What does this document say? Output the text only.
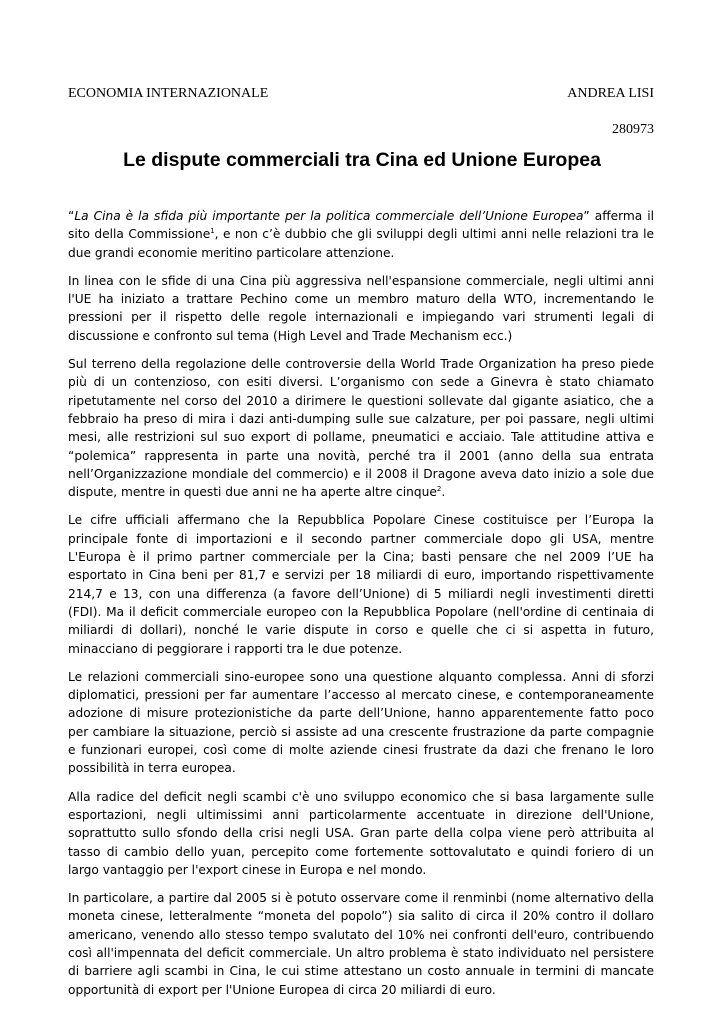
ECONOMIA INTERNAZIONALE	ANDREA LISI
280973
Le dispute commerciali tra Cina ed Unione Europea

“La Cina è la sfida più importante per la politica commerciale dell’Unione Europea” afferma il sito della Commissione$^1$, e non c’è dubbio che gli sviluppi degli ultimi anni nelle relazioni tra le due grandi economie meritino particolare attenzione.

In linea con le sfide di una Cina più aggressiva nell'espansione commerciale, negli ultimi anni l'UE ha iniziato a trattare Pechino come un membro maturo della WTO, incrementando le pressioni per il rispetto delle regole internazionali e impiegando vari strumenti legali di discussione e confronto sul tema (High Level and Trade Mechanism ecc.)

Sul terreno della regolazione delle controversie della World Trade Organization ha preso piede più di un contenzioso, con esiti diversi. L’organismo con sede a Ginevra è stato chiamato ripetutamente nel corso del 2010 a dirimere le questioni sollevate dal gigante asiatico, che a febbraio ha preso di mira i dazi anti-dumping sulle sue calzature, per poi passare, negli ultimi mesi, alle restrizioni sul suo export di pollame, pneumatici e acciaio. Tale attitudine attiva e “polemica” rappresenta in parte una novità, perché tra il 2001 (anno della sua entrata nell’Organizzazione mondiale del commercio) e il 2008 il Dragone aveva dato inizio a sole due dispute, mentre in questi due anni ne ha aperte altre cinque$^2$.

Le cifre ufficiali affermano che la Repubblica Popolare Cinese costituisce per l’Europa la principale fonte di importazioni e il secondo partner commerciale dopo gli USA, mentre L'Europa è il primo partner commerciale per la Cina; basti pensare che nel 2009 l’UE ha esportato in Cina beni per 81,7 e servizi per 18 miliardi di euro, importando rispettivamente 214,7 e 13, con una differenza (a favore dell’Unione) di 5 miliardi negli investimenti diretti (FDI). Ma il deficit commerciale europeo con la Repubblica Popolare (nell'ordine di centinaia di miliardi di dollari), nonché le varie dispute in corso e quelle che ci si aspetta in futuro, minacciano di peggiorare i rapporti tra le due potenze.

Le relazioni commerciali sino-europee sono una questione alquanto complessa. Anni di sforzi diplomatici, pressioni per far aumentare l’accesso al mercato cinese, e contemporaneamente adozione di misure protezionistiche da parte dell’Unione, hanno apparentemente fatto poco per cambiare la situazione, perciò si assiste ad una crescente frustrazione da parte compagnie e funzionari europei, così come di molte aziende cinesi frustrate da dazi che frenano le loro possibilità in terra europea.

Alla radice del deficit negli scambi c'è uno sviluppo economico che si basa largamente sulle esportazioni, negli ultimissimi anni particolarmente accentuate in direzione dell'Unione, soprattutto sullo sfondo della crisi negli USA. Gran parte della colpa viene però attribuita al tasso di cambio dello yuan, percepito come fortemente sottovalutato e quindi foriero di un largo vantaggio per l'export cinese in Europa e nel mondo.

In particolare, a partire dal 2005 si è potuto osservare come il renminbi (nome alternativo della moneta cinese, letteralmente “moneta del popolo”) sia salito di circa il 20% contro il dollaro americano, venendo allo stesso tempo svalutato del 10% nei confronti dell'euro, contribuendo così all'impennata del deficit commerciale. Un altro problema è stato individuato nel persistere di barriere agli scambi in Cina, le cui stime attestano un costo annuale in termini di mancate opportunità di export per l'Unione Europea di circa 20 miliardi di euro.
